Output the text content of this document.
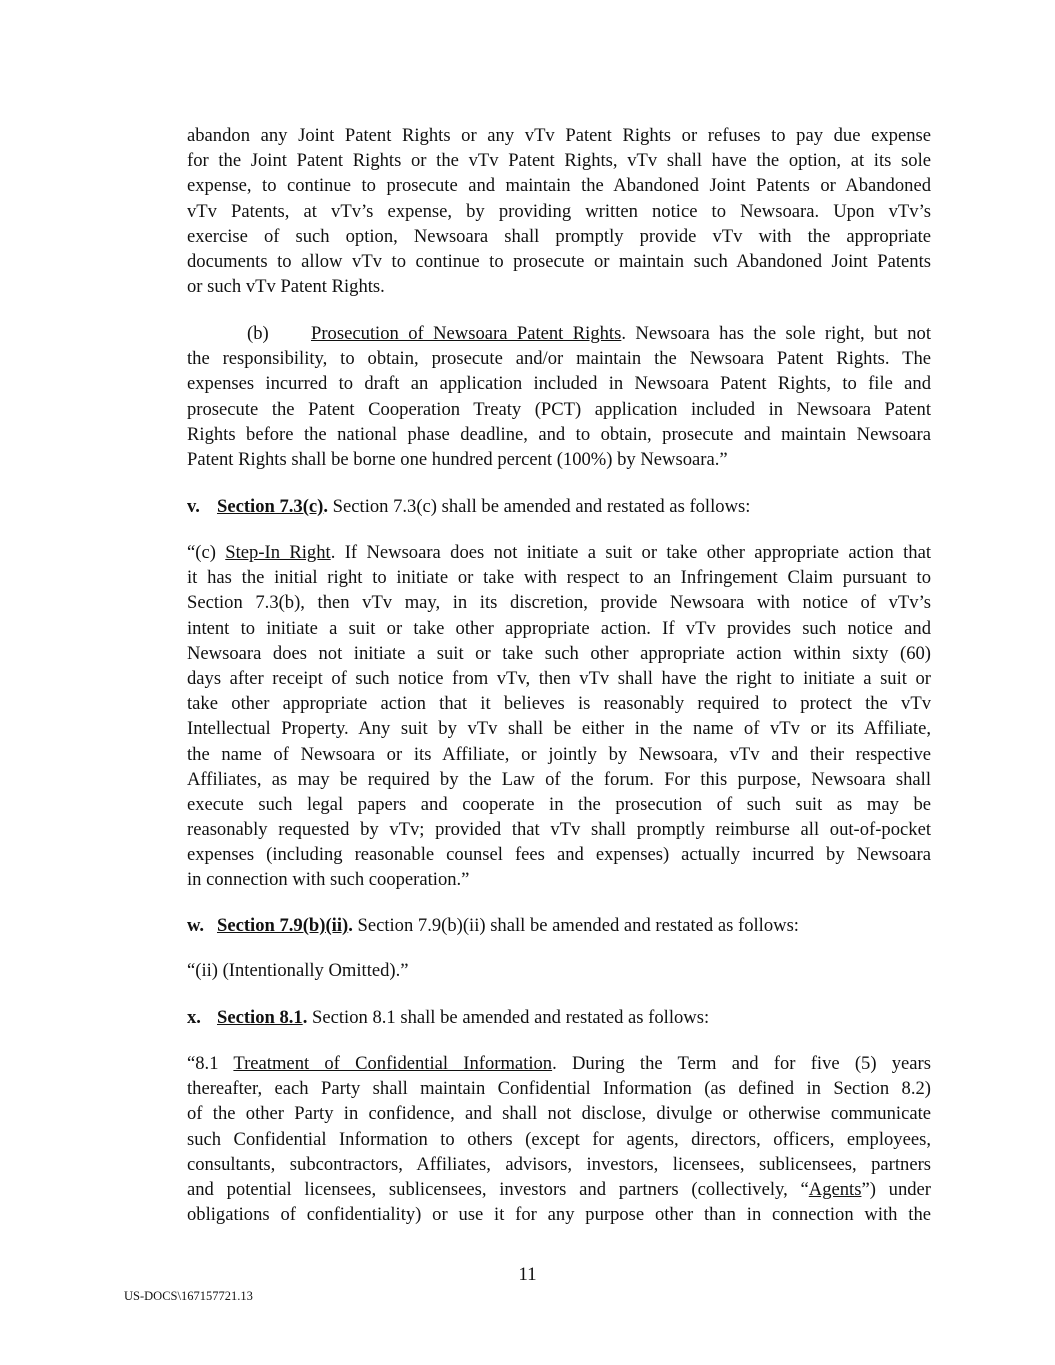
abandon any Joint Patent Rights or any vTv Patent Rights or refuses to pay due expense
for the Joint Patent Rights or the vTv Patent Rights, vTv shall have the option, at its sole
expense, to continue to prosecute and maintain the Abandoned Joint Patents or Abandoned
vTv Patents, at vTv’s expense, by providing written notice to Newsoara. Upon vTv’s
exercise of such option, Newsoara shall promptly provide vTv with the appropriate
documents to allow vTv to continue to prosecute or maintain such Abandoned Joint Patents
or such vTv Patent Rights.
(b) Prosecution of Newsoara Patent Rights. Newsoara has the sole right, but not
the responsibility, to obtain, prosecute and/or maintain the Newsoara Patent Rights. The
expenses incurred to draft an application included in Newsoara Patent Rights, to file and
prosecute the Patent Cooperation Treaty (PCT) application included in Newsoara Patent
Rights before the national phase deadline, and to obtain, prosecute and maintain Newsoara
Patent Rights shall be borne one hundred percent (100%) by Newsoara.”
v. Section 7.3(c). Section 7.3(c) shall be amended and restated as follows:
“(c) Step-In Right. If Newsoara does not initiate a suit or take other appropriate action that
it has the initial right to initiate or take with respect to an Infringement Claim pursuant to
Section 7.3(b), then vTv may, in its discretion, provide Newsoara with notice of vTv’s
intent to initiate a suit or take other appropriate action. If vTv provides such notice and
Newsoara does not initiate a suit or take such other appropriate action within sixty (60)
days after receipt of such notice from vTv, then vTv shall have the right to initiate a suit or
take other appropriate action that it believes is reasonably required to protect the vTv
Intellectual Property. Any suit by vTv shall be either in the name of vTv or its Affiliate,
the name of Newsoara or its Affiliate, or jointly by Newsoara, vTv and their respective
Affiliates, as may be required by the Law of the forum. For this purpose, Newsoara shall
execute such legal papers and cooperate in the prosecution of such suit as may be
reasonably requested by vTv; provided that vTv shall promptly reimburse all out-of-pocket
expenses (including reasonable counsel fees and expenses) actually incurred by Newsoara
in connection with such cooperation.”
w. Section 7.9(b)(ii). Section 7.9(b)(ii) shall be amended and restated as follows:
“(ii) (Intentionally Omitted).”
x. Section 8.1. Section 8.1 shall be amended and restated as follows:
“8.1 Treatment of Confidential Information. During the Term and for five (5) years
thereafter, each Party shall maintain Confidential Information (as defined in Section 8.2)
of the other Party in confidence, and shall not disclose, divulge or otherwise communicate
such Confidential Information to others (except for agents, directors, officers, employees,
consultants, subcontractors, Affiliates, advisors, investors, licensees, sublicensees, partners
and potential licensees, sublicensees, investors and partners (collectively, “Agents”) under
obligations of confidentiality) or use it for any purpose other than in connection with the
11
US-DOCS\167157721.13
